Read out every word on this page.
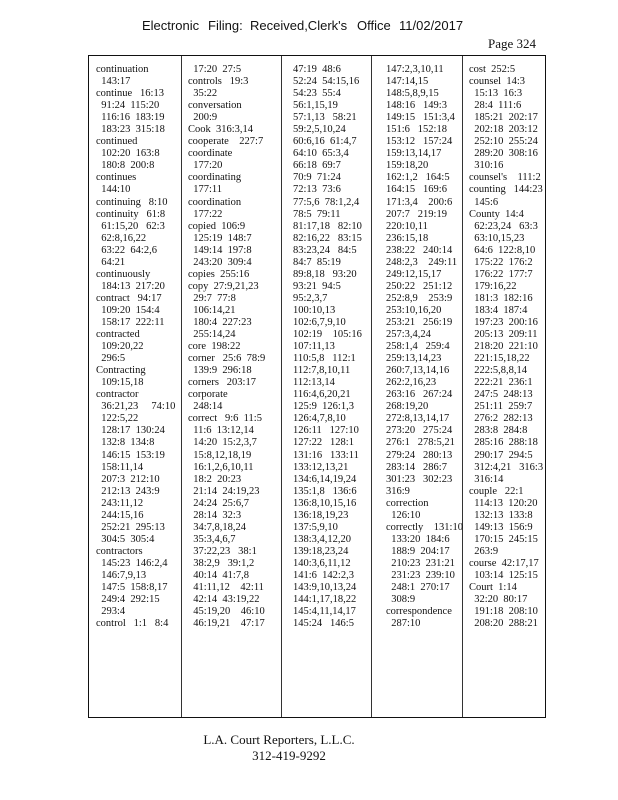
Electronic Filing: Received,Clerk's Office 11/02/2017
Page 324
continuation
143:17
continue   16:13
91:24  115:20
116:16  183:19
183:23  315:18
continued
102:20  163:8
180:8  200:8
continues
144:10
continuing   8:10
continuity   61:8
61:15,20   62:3
62:8,16,22
63:22  64:2,6
64:21
continuously
184:13  217:20
contract   94:17
109:20  154:4
158:17  222:11
contracted
109:20,22
296:5
Contracting
109:15,18
contractor
36:21,23     74:10
122:5,22
128:17  130:24
132:8  134:8
146:15  153:19
158:11,14
207:3  212:10
212:13  243:9
243:11,12
244:15,16
252:21  295:13
304:5  305:4
contractors
145:23  146:2,4
146:7,9,13
147:5  158:8,17
249:4  292:15
293:4
control   1:1   8:4
17:20  27:5
controls   19:3
35:22
conversation
200:9
Cook  316:3,14
cooperate    227:7
coordinate
177:20
coordinating
177:11
coordination
177:22
copied  106:9
125:19  148:7
149:14  197:8
243:20  309:4
copies  255:16
copy  27:9,21,23
29:7  77:8
106:14,21
180:4  227:23
255:14,24
core  198:22
corner   25:6  78:9
139:9  296:18
corners   203:17
corporate
248:14
correct   9:6  11:5
11:6  13:12,14
14:20  15:2,3,7
15:8,12,18,19
16:1,2,6,10,11
18:2  20:23
21:14  24:19,23
24:24  25:6,7
28:14  32:3
34:7,8,18,24
35:3,4,6,7
37:22,23   38:1
38:2,9   39:1,2
40:14  41:7,8
41:11,12    42:11
42:14  43:19,22
45:19,20    46:10
46:19,21    47:17
47:19  48:6
52:24  54:15,16
54:23  55:4
56:1,15,19
57:1,13   58:21
59:2,5,10,24
60:6,16  61:4,7
64:10  65:3,4
66:18  69:7
70:9  71:24
72:13  73:6
77:5,6  78:1,2,4
78:5  79:11
81:17,18   82:10
82:16,22   83:15
83:23,24   84:5
84:7  85:19
89:8,18   93:20
93:21  94:5
95:2,3,7
100:10,13
102:6,7,9,10
102:19    105:16
107:11,13
110:5,8   112:1
112:7,8,10,11
112:13,14
116:4,6,20,21
125:9  126:1,3
126:4,7,8,10
126:11   127:10
127:22   128:1
131:16   133:11
133:12,13,21
134:6,14,19,24
135:1,8   136:6
136:8,10,15,16
136:18,19,23
137:5,9,10
138:3,4,12,20
139:18,23,24
140:3,6,11,12
141:6  142:2,3
143:9,10,13,24
144:1,17,18,22
145:4,11,14,17
145:24   146:5
147:2,3,10,11
147:14,15
148:5,8,9,15
148:16   149:3
149:15   151:3,4
151:6   152:18
153:12   157:24
159:13,14,17
159:18,20
162:1,2   164:5
164:15   169:6
171:3,4    200:6
207:7   219:19
220:10,11
236:15,18
238:22   240:14
248:2,3    249:11
249:12,15,17
250:22   251:12
252:8,9    253:9
253:10,16,20
253:21   256:19
257:3,4,24
258:1,4   259:4
259:13,14,23
260:7,13,14,16
262:2,16,23
263:16   267:24
268:19,20
272:8,13,14,17
273:20   275:24
276:1   278:5,21
279:24   280:13
283:14   286:7
301:23   302:23
316:9
correction
126:10
correctly    131:10
133:20  184:6
188:9  204:17
210:23  231:21
231:23  239:10
248:1  270:17
308:9
correspondence
287:10
cost  252:5
counsel  14:3
15:13  16:3
28:4  111:6
185:21  202:17
202:18  203:12
252:10  255:24
289:20  308:16
310:16
counsel's    111:2
counting   144:23
145:6
County  14:4
62:23,24   63:3
63:10,15,23
64:6  122:8,10
175:22  176:2
176:22  177:7
179:16,22
181:3  182:16
183:4  187:4
197:23  200:16
205:13  209:11
218:20  221:10
221:15,18,22
222:5,8,8,14
222:21  236:1
247:5  248:13
251:11  259:7
276:2  282:13
283:8  284:8
285:16  288:18
290:17  294:5
312:4,21   316:3
316:14
couple   22:1
114:13  120:20
132:13  133:8
149:13  156:9
170:15  245:15
263:9
course  42:17,17
103:14  125:15
Court  1:14
32:20  80:17
191:18  208:10
208:20  288:21
L.A. Court Reporters, L.L.C.
312-419-9292
